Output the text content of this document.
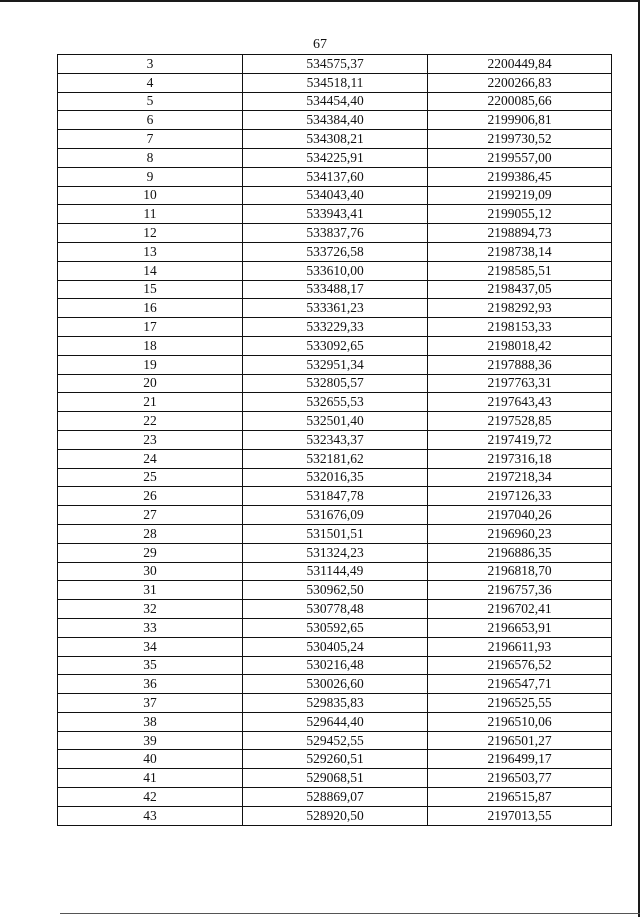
67
3	534575,37	2200449,84
4	534518,11	2200266,83
5	534454,40	2200085,66
6	534384,40	2199906,81
7	534308,21	2199730,52
8	534225,91	2199557,00
9	534137,60	2199386,45
10	534043,40	2199219,09
11	533943,41	2199055,12
12	533837,76	2198894,73
13	533726,58	2198738,14
14	533610,00	2198585,51
15	533488,17	2198437,05
16	533361,23	2198292,93
17	533229,33	2198153,33
18	533092,65	2198018,42
19	532951,34	2197888,36
20	532805,57	2197763,31
21	532655,53	2197643,43
22	532501,40	2197528,85
23	532343,37	2197419,72
24	532181,62	2197316,18
25	532016,35	2197218,34
26	531847,78	2197126,33
27	531676,09	2197040,26
28	531501,51	2196960,23
29	531324,23	2196886,35
30	531144,49	2196818,70
31	530962,50	2196757,36
32	530778,48	2196702,41
33	530592,65	2196653,91
34	530405,24	2196611,93
35	530216,48	2196576,52
36	530026,60	2196547,71
37	529835,83	2196525,55
38	529644,40	2196510,06
39	529452,55	2196501,27
40	529260,51	2196499,17
41	529068,51	2196503,77
42	528869,07	2196515,87
43	528920,50	2197013,55
